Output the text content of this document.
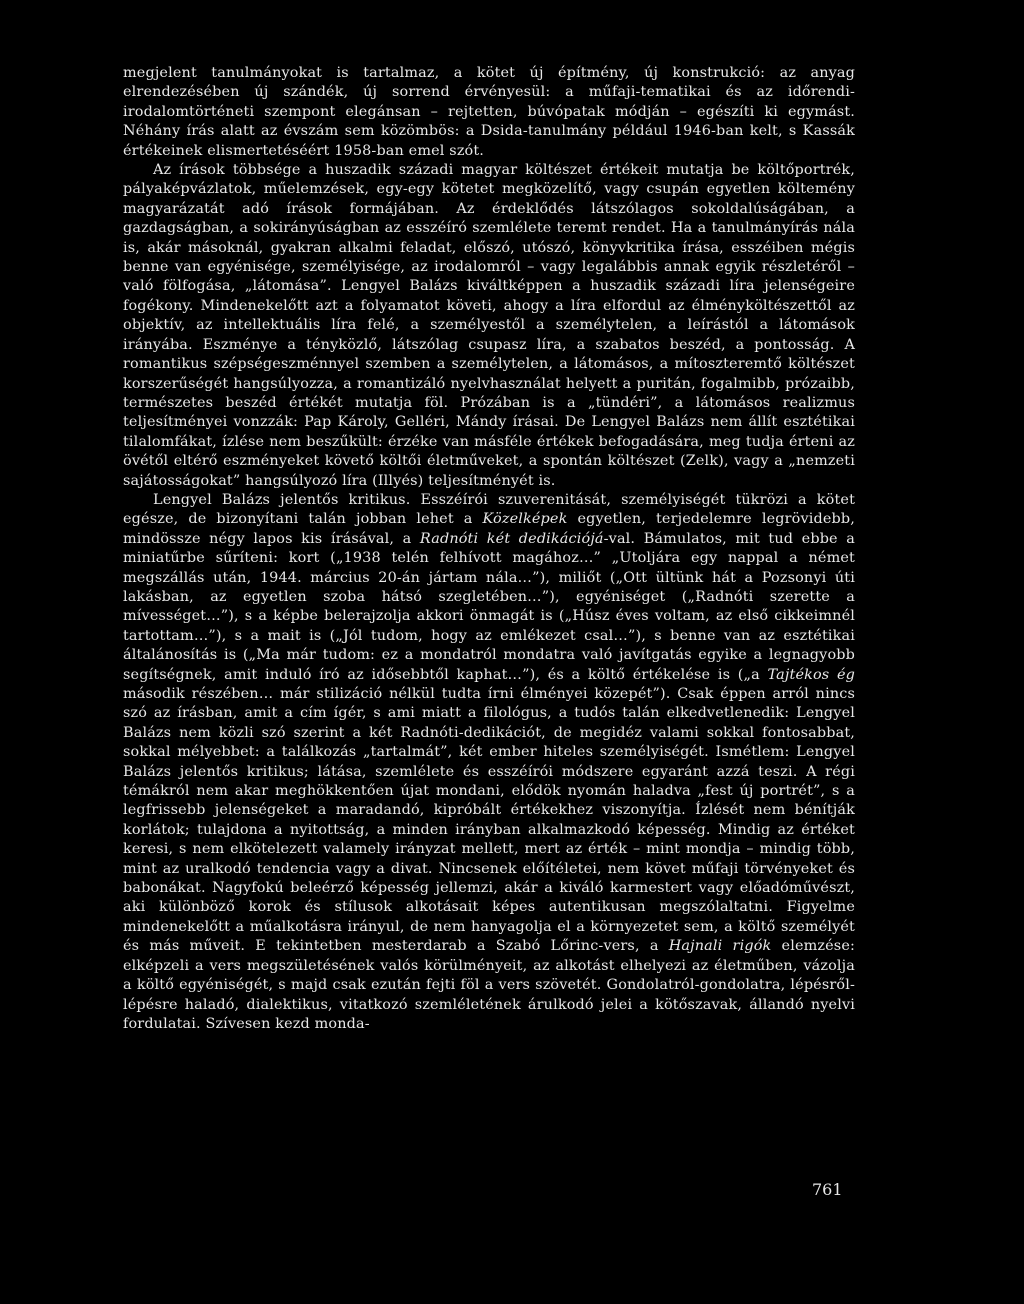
megjelent tanulmányokat is tartalmaz, a kötet új építmény, új konstrukció: az anyag elrendezésében új szándék, új sorrend érvényesül: a műfaji-tematikai és az időrendi-irodalomtörténeti szempont elegánsan – rejtetten, búvópatak módján – egészíti ki egymást. Néhány írás alatt az évszám sem közömbös: a Dsida-tanulmány például 1946-ban kelt, s Kassák értékeinek elismertetéséért 1958-ban emel szót.

Az írások többsége a huszadik századi magyar költészet értékeit mutatja be költőportrék, pályaképvázlatok, műelemzések, egy-egy kötetet megközelítő, vagy csupán egyetlen költemény magyarázatát adó írások formájában. Az érdeklődés látszólagos sokoldalúságában, a gazdagságban, a sokirányúságban az esszéíró szemlélete teremt rendet. Ha a tanulmányírás nála is, akár másoknál, gyakran alkalmi feladat, előszó, utószó, könyvkritika írása, esszéiben mégis benne van egyénisége, személyisége, az irodalomról – vagy legalábbis annak egyik részletéről – való fölfogása, „látomása”. Lengyel Balázs kiváltképpen a huszadik századi líra jelenségeire fogékony. Mindenekelőtt azt a folyamatot követi, ahogy a líra elfordul az élményköltészettől az objektív, az intellektuális líra felé, a személyestől a személytelen, a leírástól a látomások irányába. Eszménye a tényközlő, látszólag csupasz líra, a szabatos beszéd, a pontosság. A romantikus szépségeszménnyel szemben a személytelen, a látomásos, a mítoszteremtő költészet korszerűségét hangsúlyozza, a romantizáló nyelvhasználat helyett a puritán, fogalmibb, prózaibb, természetes beszéd értékét mutatja föl. Prózában is a „tündéri”, a látomásos realizmus teljesítményei vonzzák: Pap Károly, Gelléri, Mándy írásai. De Lengyel Balázs nem állít esztétikai tilalomfákat, ízlése nem beszűkült: érzéke van másféle értékek befogadására, meg tudja érteni az övétől eltérő eszményeket követő költői életműveket, a spontán költészet (Zelk), vagy a „nemzeti sajátosságokat” hangsúlyozó líra (Illyés) teljesítményét is.

Lengyel Balázs jelentős kritikus. Esszéírói szuverenitását, személyiségét tükrözi a kötet egésze, de bizonyítani talán jobban lehet a Közelképek egyetlen, terjedelemre legrövidebb, mindössze négy lapos kis írásával, a Radnóti két dedikációjá-val. Bámulatos, mit tud ebbe a miniatűrbe sűríteni: kort („1938 telén felhívott magához…” „Utoljára egy nappal a német megszállás után, 1944. március 20-án jártam nála…”), miliőt („Ott ültünk hát a Pozsonyi úti lakásban, az egyetlen szoba hátsó szegletében…”), egyéniséget („Radnóti szerette a mívességet…”), s a képbe belerajzolja akkori önmagát is („Húsz éves voltam, az első cikkeimnél tartottam…”), s a mait is („Jól tudom, hogy az emlékezet csal…”), s benne van az esztétikai általánosítás is („Ma már tudom: ez a mondatról mondatra való javítgatás egyike a legnagyobb segítségnek, amit induló író az idősebbtől kaphat…”), és a költő értékelése is („a Tajtékos ég második részében… már stilizáció nélkül tudta írni élményei közepét”). Csak éppen arról nincs szó az írásban, amit a cím ígér, s ami miatt a filológus, a tudós talán elkedvetlenedik: Lengyel Balázs nem közli szó szerint a két Radnóti-dedikációt, de megidéz valami sokkal fontosabbat, sokkal mélyebbet: a találkozás „tartalmát”, két ember hiteles személyiségét. Ismétlem: Lengyel Balázs jelentős kritikus; látása, szemlélete és esszéírói módszere egyaránt azzá teszi. A régi témákról nem akar meghökkentően újat mondani, elődök nyomán haladva „fest új portrét”, s a legfrissebb jelenségeket a maradandó, kipróbált értékekhez viszonyítja. Ízlését nem bénítják korlátok; tulajdona a nyitottság, a minden irányban alkalmazkodó képesség. Mindig az értéket keresi, s nem elkötelezett valamely irányzat mellett, mert az érték – mint mondja – mindig több, mint az uralkodó tendencia vagy a divat. Nincsenek előítéletei, nem követ műfaji törvényeket és babonákat. Nagyfokú beleérző képesség jellemzi, akár a kiváló karmestert vagy előadóművészt, aki különböző korok és stílusok alkotásait képes autentikusan megszólaltatni. Figyelme mindenekelőtt a műalkotásra irányul, de nem hanyagolja el a környezetet sem, a költő személyét és más műveit. E tekintetben mesterdarab a Szabó Lőrinc-vers, a Hajnali rigók elemzése: elképzeli a vers megszületésének valós körülményeit, az alkotást elhelyezi az életműben, vázolja a költő egyéniségét, s majd csak ezután fejti föl a vers szövetét. Gondolatról-gondolatra, lépésről-lépésre haladó, dialektikus, vitatkozó szemléletének árulkodó jelei a kötőszavak, állandó nyelvi fordulatai. Szívesen kezd monda-

761
